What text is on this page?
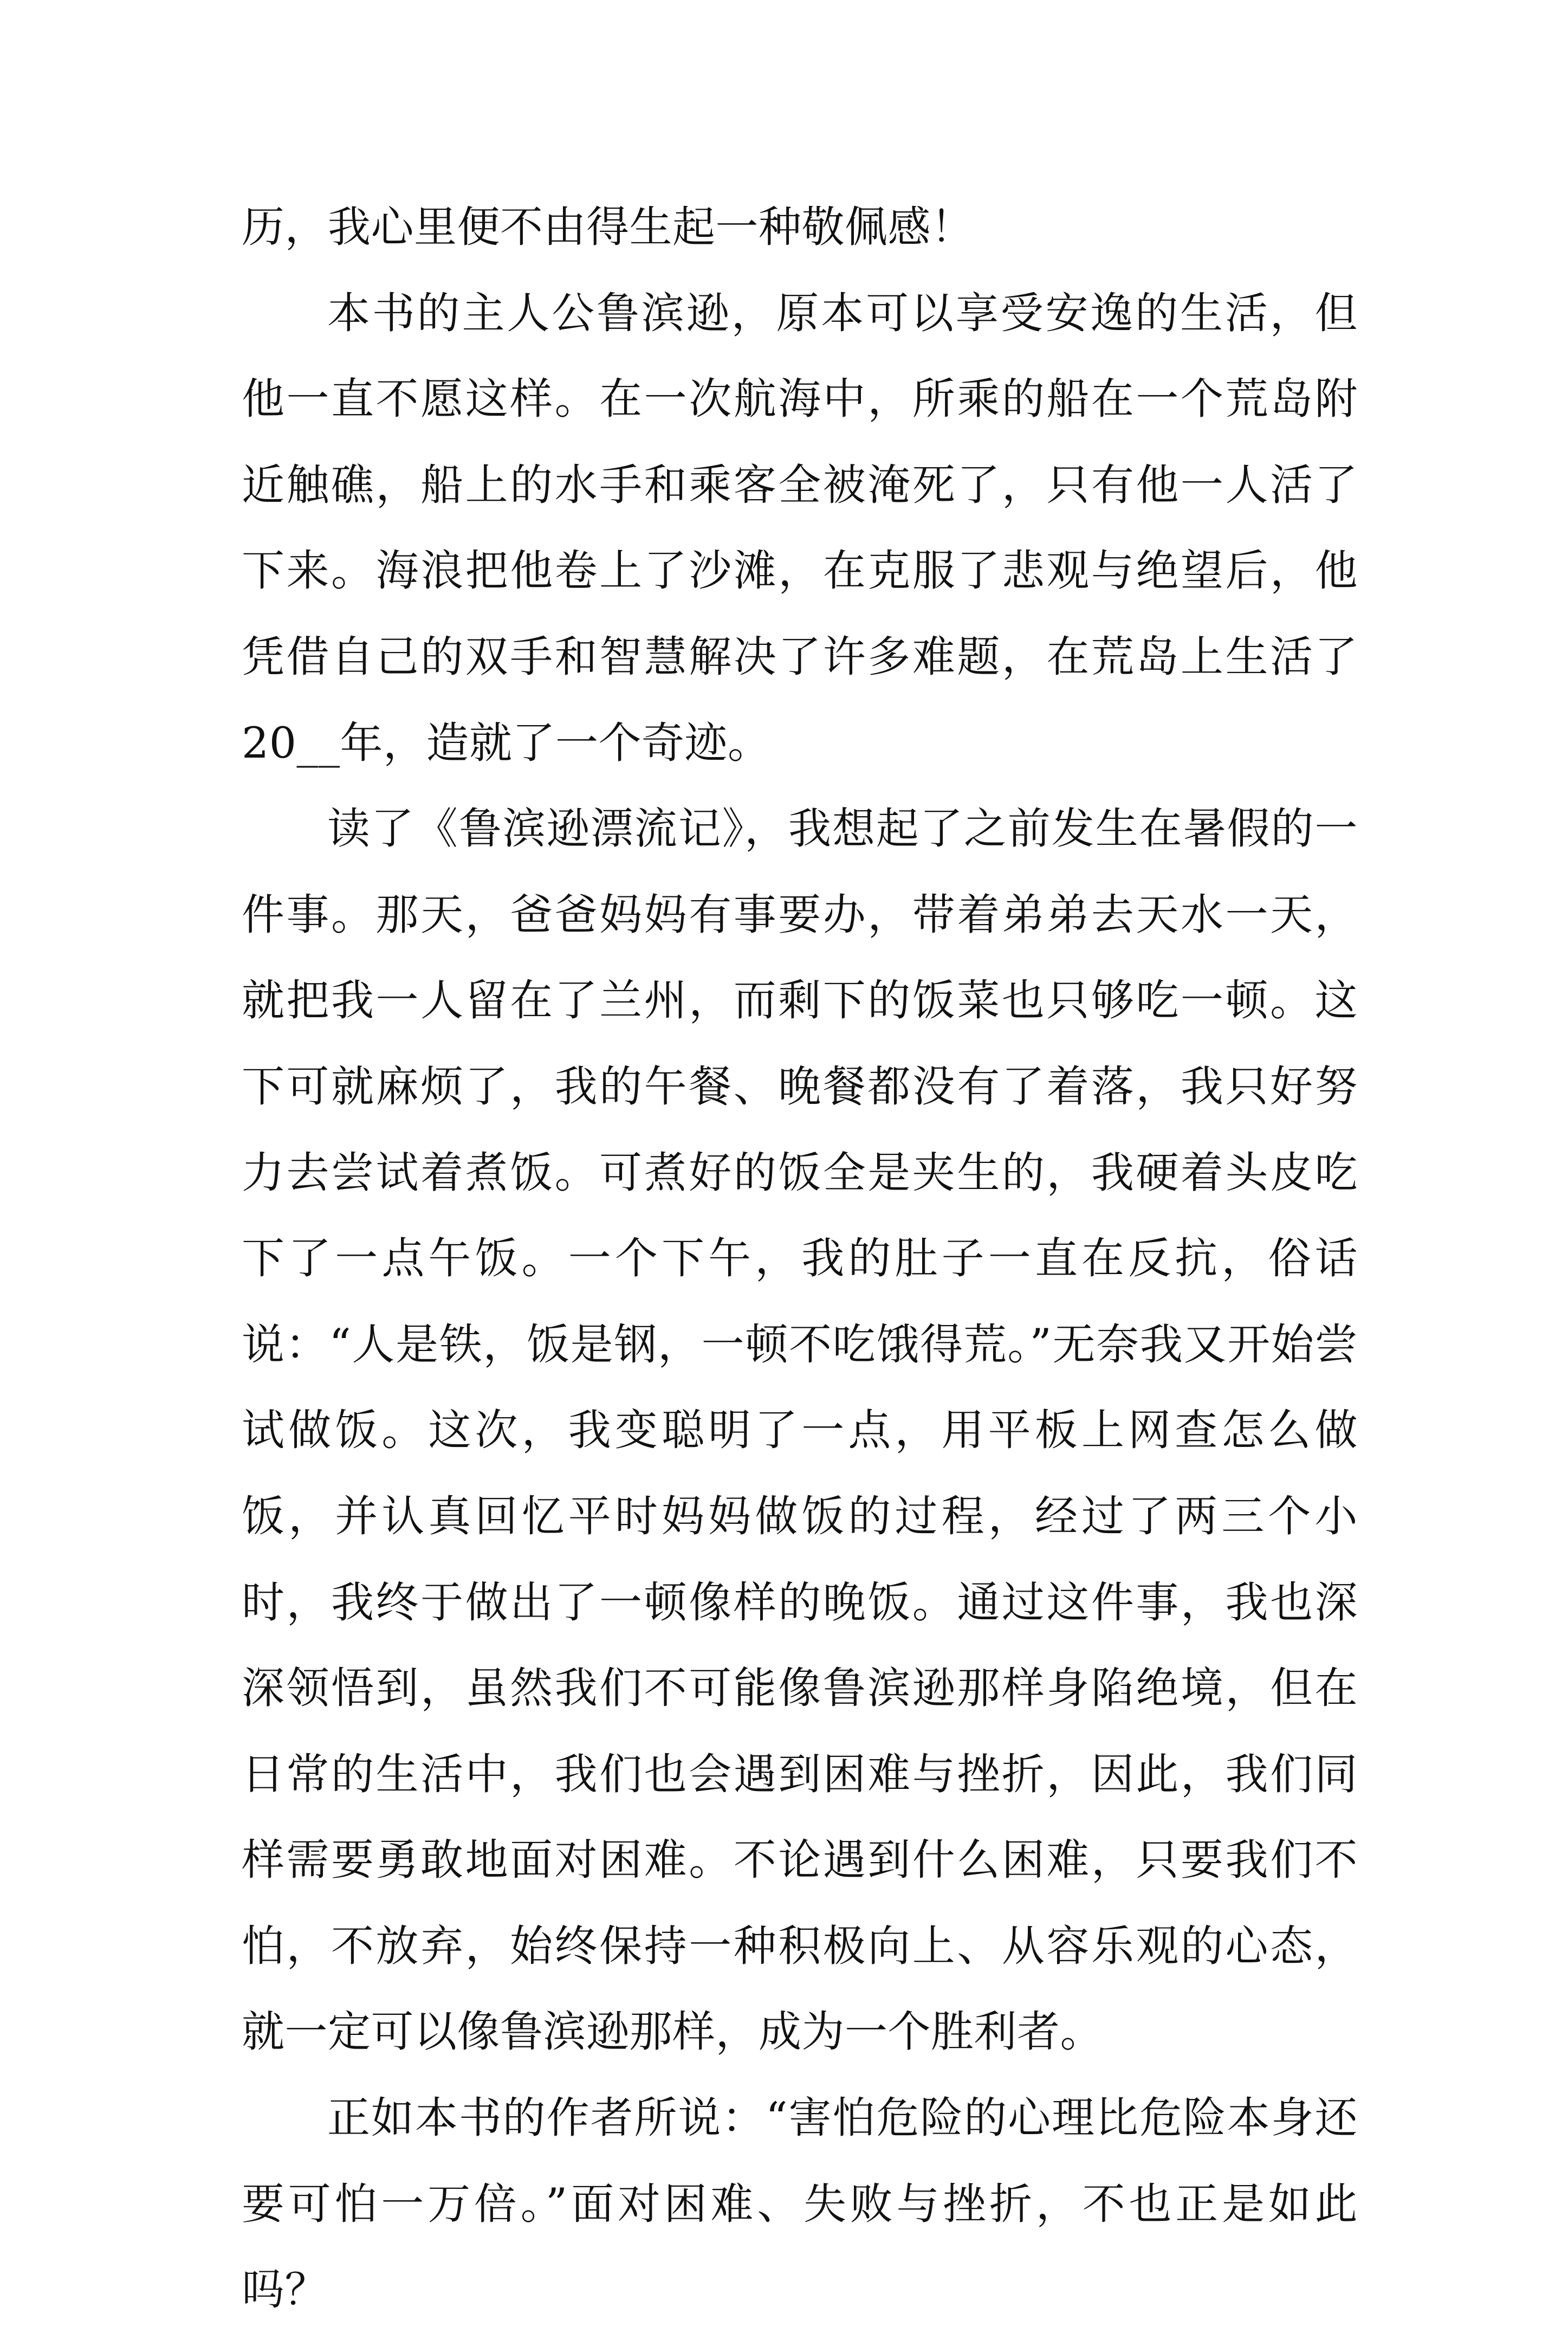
历，我心里便不由得生起一种敬佩感！

本书的主人公鲁滨逊，原本可以享受安逸的生活，但他一直不愿这样。在一次航海中，所乘的船在一个荒岛附近触礁，船上的水手和乘客全被淹死了，只有他一人活了下来。海浪把他卷上了沙滩，在克服了悲观与绝望后，他凭借自己的双手和智慧解决了许多难题，在荒岛上生活了20__年，造就了一个奇迹。

读了《鲁滨逊漂流记》，我想起了之前发生在暑假的一件事。那天，爸爸妈妈有事要办，带着弟弟去天水一天，就把我一人留在了兰州，而剩下的饭菜也只够吃一顿。这下可就麻烦了，我的午餐、晚餐都没有了着落，我只好努力去尝试着煮饭。可煮好的饭全是夹生的，我硬着头皮吃下了一点午饭。一个下午，我的肚子一直在反抗，俗话说：“人是铁，饭是钢，一顿不吃饿得荒。”无奈我又开始尝试做饭。这次，我变聪明了一点，用平板上网查怎么做饭，并认真回忆平时妈妈做饭的过程，经过了两三个小时，我终于做出了一顿像样的晚饭。通过这件事，我也深深领悟到，虽然我们不可能像鲁滨逊那样身陷绝境，但在日常的生活中，我们也会遇到困难与挫折，因此，我们同样需要勇敢地面对困难。不论遇到什么困难，只要我们不怕，不放弃，始终保持一种积极向上、从容乐观的心态，就一定可以像鲁滨逊那样，成为一个胜利者。

正如本书的作者所说：“害怕危险的心理比危险本身还要可怕一万倍。”面对困难、失败与挫折，不也正是如此吗？
